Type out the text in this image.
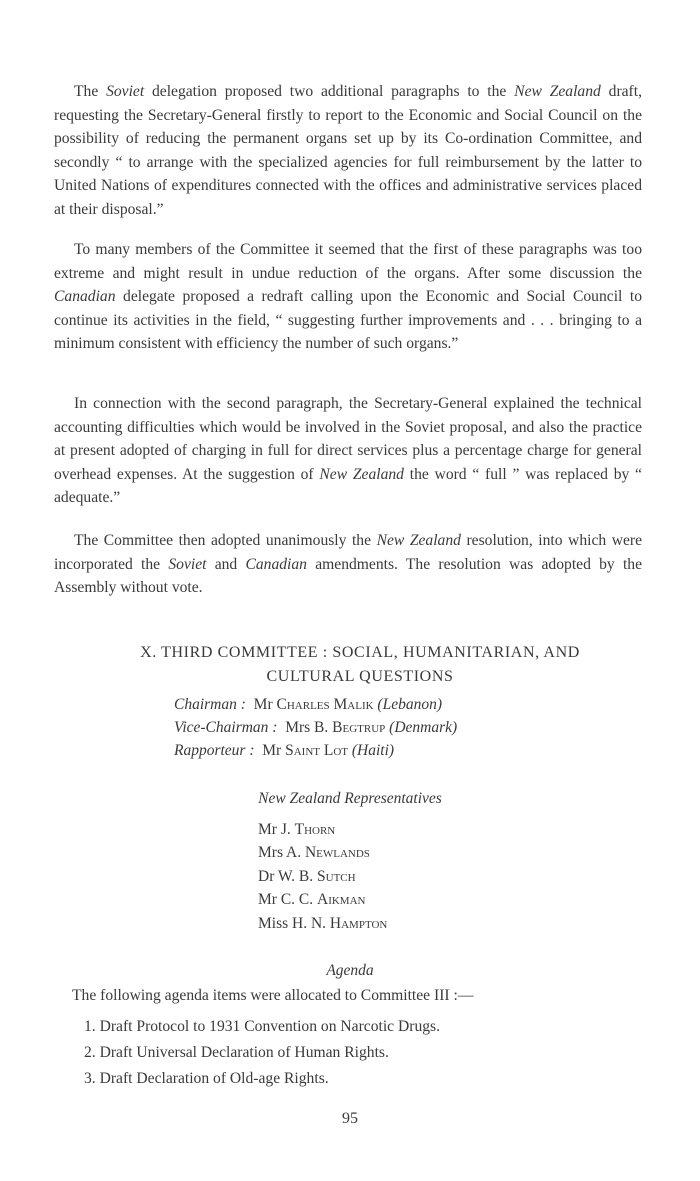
The Soviet delegation proposed two additional paragraphs to the New Zealand draft, requesting the Secretary-General firstly to report to the Economic and Social Council on the possibility of reducing the permanent organs set up by its Co-ordination Committee, and secondly “ to arrange with the specialized agencies for full reimbursement by the latter to United Nations of expenditures connected with the offices and administrative services placed at their disposal.”

To many members of the Committee it seemed that the first of these paragraphs was too extreme and might result in undue reduction of the organs. After some discussion the Canadian delegate proposed a redraft calling upon the Economic and Social Council to continue its activities in the field, “ suggesting further improvements and . . . bringing to a minimum consistent with efficiency the number of such organs.”

In connection with the second paragraph, the Secretary-General explained the technical accounting difficulties which would be involved in the Soviet proposal, and also the practice at present adopted of charging in full for direct services plus a percentage charge for general overhead expenses. At the suggestion of New Zealand the word “ full ” was replaced by “ adequate.”

The Committee then adopted unanimously the New Zealand resolution, into which were incorporated the Soviet and Canadian amendments. The resolution was adopted by the Assembly without vote.

X. THIRD COMMITTEE : SOCIAL, HUMANITARIAN, AND
CULTURAL QUESTIONS
Chairman : Mr Charles Malik (Lebanon)
Vice-Chairman : Mrs B. Begtrup (Denmark)
Rapporteur : Mr Saint Lot (Haiti)
New Zealand Representatives
Mr J. Thorn
Mrs A. Newlands
Dr W. B. Sutch
Mr C. C. Aikman
Miss H. N. Hampton
Agenda
The following agenda items were allocated to Committee III :—
1. Draft Protocol to 1931 Convention on Narcotic Drugs.
2. Draft Universal Declaration of Human Rights.
3. Draft Declaration of Old-age Rights.
95
